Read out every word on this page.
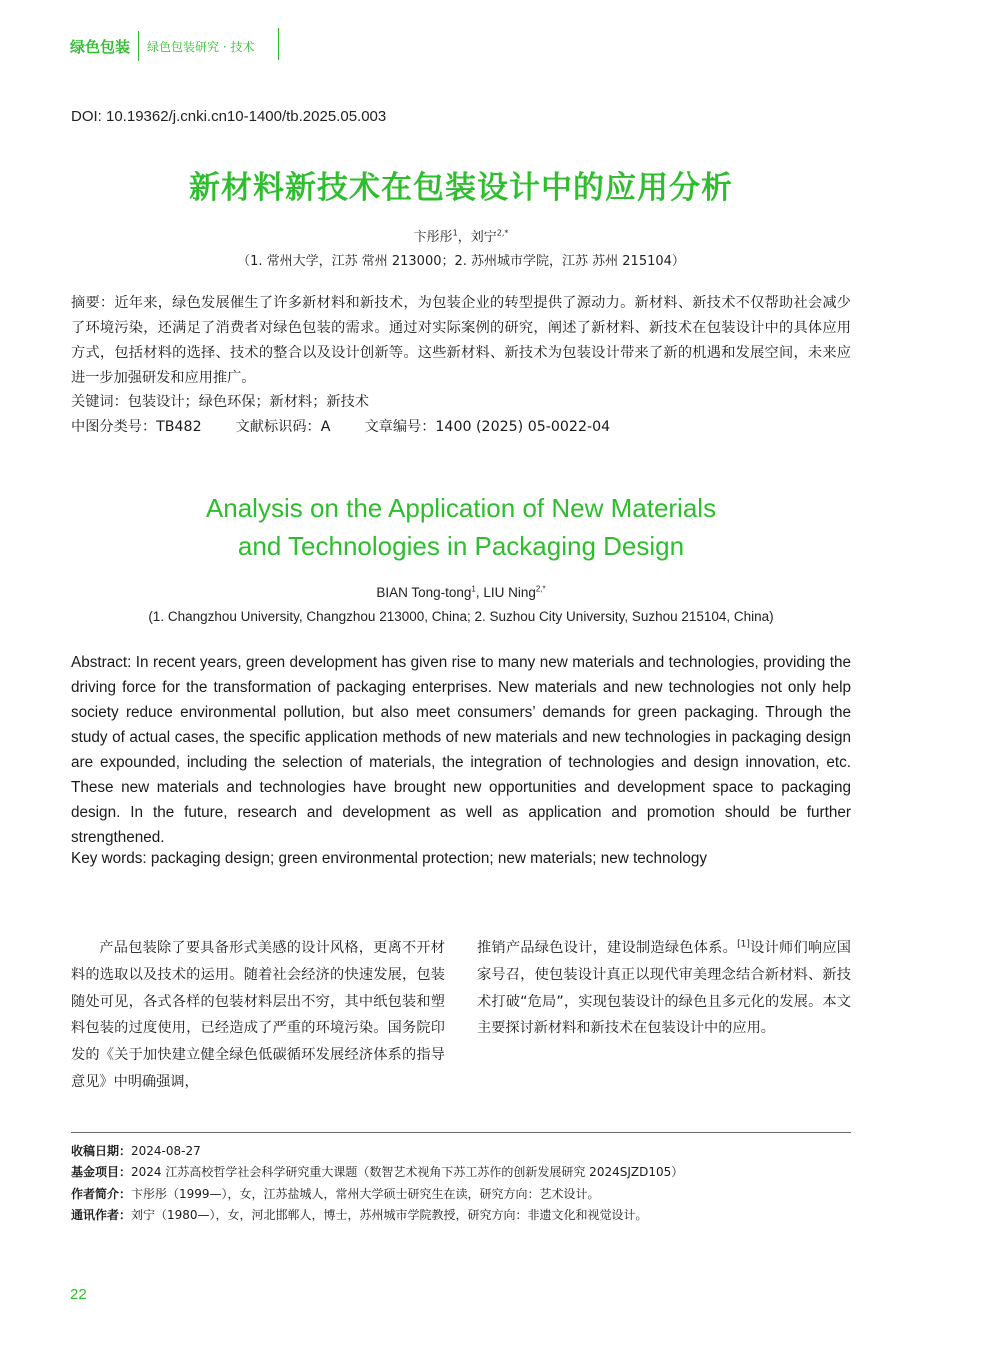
绿色包装 绿色包装研究 · 技术
DOI: 10.19362/j.cnki.cn10-1400/tb.2025.05.003
新材料新技术在包装设计中的应用分析
卞彤彤$^1$，刘宁$^{2,*}$
（1. 常州大学，江苏 常州 213000；2. 苏州城市学院，江苏 苏州 215104）

摘要：近年来，绿色发展催生了许多新材料和新技术，为包装企业的转型提供了源动力。新材料、新技术不仅帮助社会减少了环境污染，还满足了消费者对绿色包装的需求。通过对实际案例的研究，阐述了新材料、新技术在包装设计中的具体应用方式，包括材料的选择、技术的整合以及设计创新等。这些新材料、新技术为包装设计带来了新的机遇和发展空间，未来应进一步加强研发和应用推广。

关键词：包装设计；绿色环保；新材料；新技术
中图分类号：TB482 文献标识码：A 文章编号：1400 (2025) 05-0022-04
Analysis on the Application of New Materials
and Technologies in Packaging Design
BIAN Tong-tong$^1$, LIU Ning$^{2,*}$
(1. Changzhou University, Changzhou 213000, China; 2. Suzhou City University, Suzhou 215104, China)

Abstract: In recent years, green development has given rise to many new materials and technologies, providing the driving force for the transformation of packaging enterprises. New materials and new technologies not only help society reduce environmental pollution, but also meet consumers’ demands for green packaging. Through the study of actual cases, the specific application methods of new materials and new technologies in packaging design are expounded, including the selection of materials, the integration of technologies and design innovation, etc. These new materials and technologies have brought new opportunities and development space to packaging design. In the future, research and development as well as application and promotion should be further strengthened.

Key words: packaging design; green environmental protection; new materials; new technology

产品包装除了要具备形式美感的设计风格，更离不开材料的选取以及技术的运用。随着社会经济的快速发展，包装随处可见，各式各样的包装材料层出不穷，其中纸包装和塑料包装的过度使用，已经造成了严重的环境污染。国务院印发的《关于加快建立健全绿色低碳循环发展经济体系的指导意见》中明确强调，

推销产品绿色设计，建设制造绿色体系。[1]设计师们响应国家号召，使包装设计真正以现代审美理念结合新材料、新技术打破“危局”，实现包装设计的绿色且多元化的发展。本文主要探讨新材料和新技术在包装设计中的应用。

收稿日期：2024-08-27
基金项目：2024 江苏高校哲学社会科学研究重大课题（数智艺术视角下苏工苏作的创新发展研究 2024SJZD105）
作者简介：卞彤彤（1999—），女，江苏盐城人，常州大学硕士研究生在读，研究方向：艺术设计。
通讯作者：刘宁（1980—），女，河北邯郸人，博士，苏州城市学院教授，研究方向：非遗文化和视觉设计。
22
